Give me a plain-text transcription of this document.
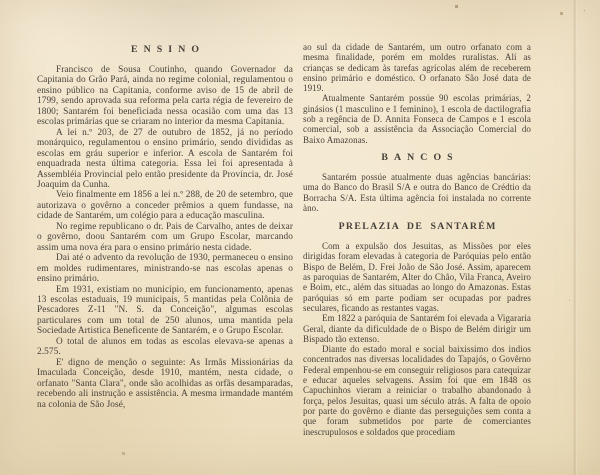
ENSINO

Francisco de Sousa Coutinho, quando Governador da Capitania do Grão Pará, ainda no regime colonial, regulamentou o ensino público na Capitania, conforme aviso de 15 de abril de 1799, sendo aprovada sua reforma pela carta régia de fevereiro de 1800; Santarém foi beneficiada nessa ocasião com uma das 13 escolas primárias que se criaram no interior da mesma Capitania.

A lei n.º 203, de 27 de outubro de 1852, já no período monárquico, regulamentou o ensino primário, sendo divididas as escolas em gráu superior e inferior. A escola de Santarém foi enquadrada nesta última categoria. Essa lei foi apresentada à Assembléia Provincial pelo então presidente da Província, dr. José Joaquim da Cunha.

Veio finalmente em 1856 a lei n.º 288, de 20 de setembro, que autorizava o govêrno a conceder prêmios a quem fundasse, na cidade de Santarém, um colégio para a educação masculina.

No regime republicano o dr. Pais de Carvalho, antes de deixar o govêrno, doou Santarém com um Grupo Escolar, marcando assim uma nova éra para o ensino primário nesta cidade.

Dai até o advento da revolução de 1930, permaneceu o ensino em moldes rudimentares, ministrando-se nas escolas apenas o ensino primário.

Em 1931, existiam no município, em funcionamento, apenas 13 escolas estaduais, 19 municipais, 5 mantidas pela Colônia de Pescadores Z-11 "N. S. da Conceição", algumas escolas particulares com um total de 250 alunos, uma mantida pela Sociedade Artistica Beneficente de Santarém, e o Grupo Escolar.

O total de alunos em todas as escolas elevava-se apenas a 2.575.

E' digno de menção o seguinte: As Irmãs Missionárias da Imaculada Conceição, desde 1910, mantém, nesta cidade, o orfanato "Santa Clara", onde são acolhidas as orfãs desamparadas, recebendo ali instrução e assistência. A mesma irmandade mantém na colonia de São José,

ao sul da cidade de Santarém, um outro orfanato com a mesma finalidade, porém em moldes ruralistas. Alí as crianças se dedicam às tarefas agrícolas além de receberem ensino primário e doméstico. O orfanato São José data de 1919.

Atualmente Santarém possúe 90 escolas primárias, 2 ginásios (1 masculino e 1 feminino), 1 escola de dactilografia sob a regência de D. Annita Fonseca de Campos e 1 escola comercial, sob a assistência da Associação Comercial do Baixo Amazonas.

BANCOS

Santarém possúe atualmente duas agências bancárias: uma do Banco do Brasil S/A e outra do Banco de Crédtio da Borracha S/A. Esta última agência foi instalada no corrente àno.

PRELAZIA DE SANTARÉM

Com a expulsão dos Jesuitas, as Missões por eles dirigidas foram elevadas à categoria de Paróquias pelo então Bispo de Belém, D. Frei João de São José. Assim, aparecem as paroquias de Santarém, Alter do Chão, Vila Franca, Aveiro e Boim, etc., além das situadas ao longo do Amazonas. Estas paróquias só em parte podiam ser ocupadas por padres seculares, ficando as restantes vagas.

Em 1822 a paróquia de Santarém foi elevada a Vigararia Geral, diante da dificuldade de o Bispo de Belém dirigir um Bispado tão extenso.

Diante do estado moral e social baixissimo dos indios concentrados nas diversas localidades do Tapajós, o Govêrno Federal empenhou-se em conseguir religiosos para catequizar e educar aqueles selvagens. Assim foi que em 1848 os Capuchinhos vieram a reiniciar o trabalho abandonado à força, pelos Jesuitas, quasi um século atrás. A falta de opoio por parte do govêrno e diante das perseguições sem conta a que foram submetidos por parte de comerciantes inescrupulosos e soldados que procediam
